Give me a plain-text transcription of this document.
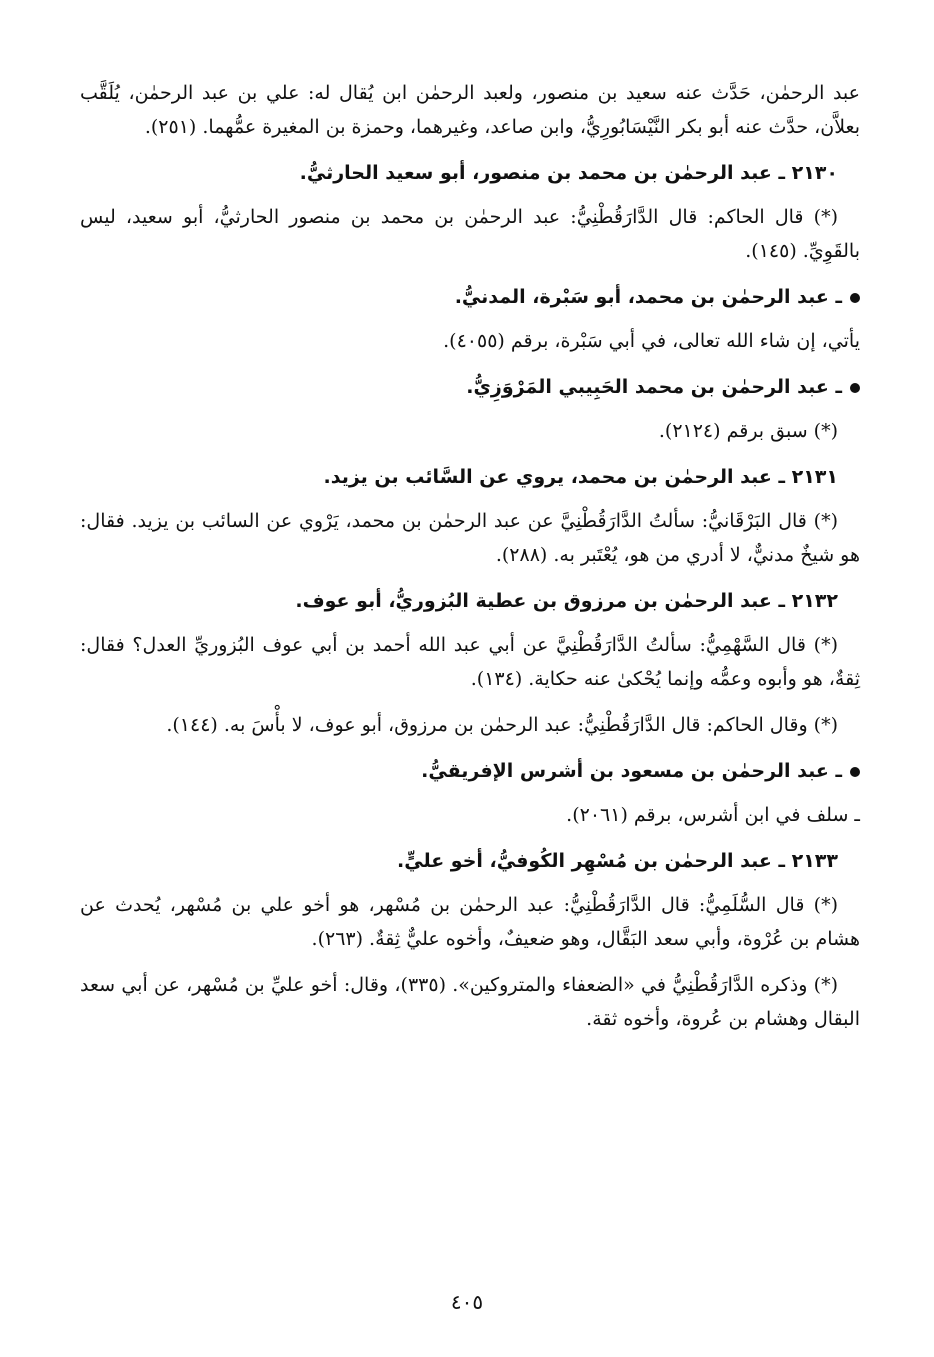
عبد الرحمٰن، حَدَّث عنه سعيد بن منصور، ولعبد الرحمٰن ابن يُقال له: علي بن عبد الرحمٰن، يُلَقَّب بعلاَّن، حدَّث عنه أبو بكر النَّيْسَابُورِيُّ، وابن صاعد، وغيرهما، وحمزة بن المغيرة عمُّهما. (٢٥١).

٢١٣٠ ـ عبد الرحمٰن بن محمد بن منصور، أبو سعيد الحارثيُّ.

(*) قال الحاكم: قال الدَّارَقُطْنِيُّ: عبد الرحمٰن بن محمد بن منصور الحارثيُّ، أبو سعيد، ليس بالقَوِيِّ. (١٤٥).

ـ عبد الرحمٰن بن محمد، أبو سَبْرة، المدنيُّ.

يأتي، إن شاء الله تعالى، في أبي سَبْرة، برقم (٤٠٥٥).

ـ عبد الرحمٰن بن محمد الحَبِيبي المَرْوَزِيُّ.

(*) سبق برقم (٢١٢٤).

٢١٣١ ـ عبد الرحمٰن بن محمد، يروي عن السَّائب بن يزيد.

(*) قال البَرْقَانيُّ: سألتُ الدَّارَقُطْنِيَّ عن عبد الرحمٰن بن محمد، يَرْوي عن السائب بن يزيد. فقال: هو شيخٌ مدنيٌّ، لا أدري من هو، يُعْتَبر به. (٢٨٨).

٢١٣٢ ـ عبد الرحمٰن بن مرزوق بن عطية البُزوريُّ، أبو عوف.

(*) قال السَّهْمِيُّ: سألتُ الدَّارَقُطْنِيَّ عن أبي عبد الله أحمد بن أبي عوف البُزوريِّ العدل؟ فقال: ثِقةٌ، هو وأبوه وعمُّه وإنما يُحْكىٰ عنه حكاية. (١٣٤).

(*) وقال الحاكم: قال الدَّارَقُطْنِيُّ: عبد الرحمٰن بن مرزوق، أبو عوف، لا بأْسَ به. (١٤٤).

ـ عبد الرحمٰن بن مسعود بن أشرس الإفريقيُّ.

ـ سلف في ابن أشرس، برقم (٢٠٦١).

٢١٣٣ ـ عبد الرحمٰن بن مُسْهِر الكُوفيُّ، أخو عليٍّ.

(*) قال السُّلَمِيُّ: قال الدَّارَقُطْنِيُّ: عبد الرحمٰن بن مُسْهر، هو أخو علي بن مُسْهر، يُحدث عن هشام بن عُرْوة، وأبي سعد البَقَّال، وهو ضعيفٌ، وأخوه عليٌّ ثِقةٌ. (٢٦٣).

(*) وذكره الدَّارَقُطْنِيُّ في «الضعفاء والمتروكين». (٣٣٥)، وقال: أخو عليِّ بن مُسْهر، عن أبي سعد البقال وهشام بن عُروة، وأخوه ثقة.

٤٠٥
